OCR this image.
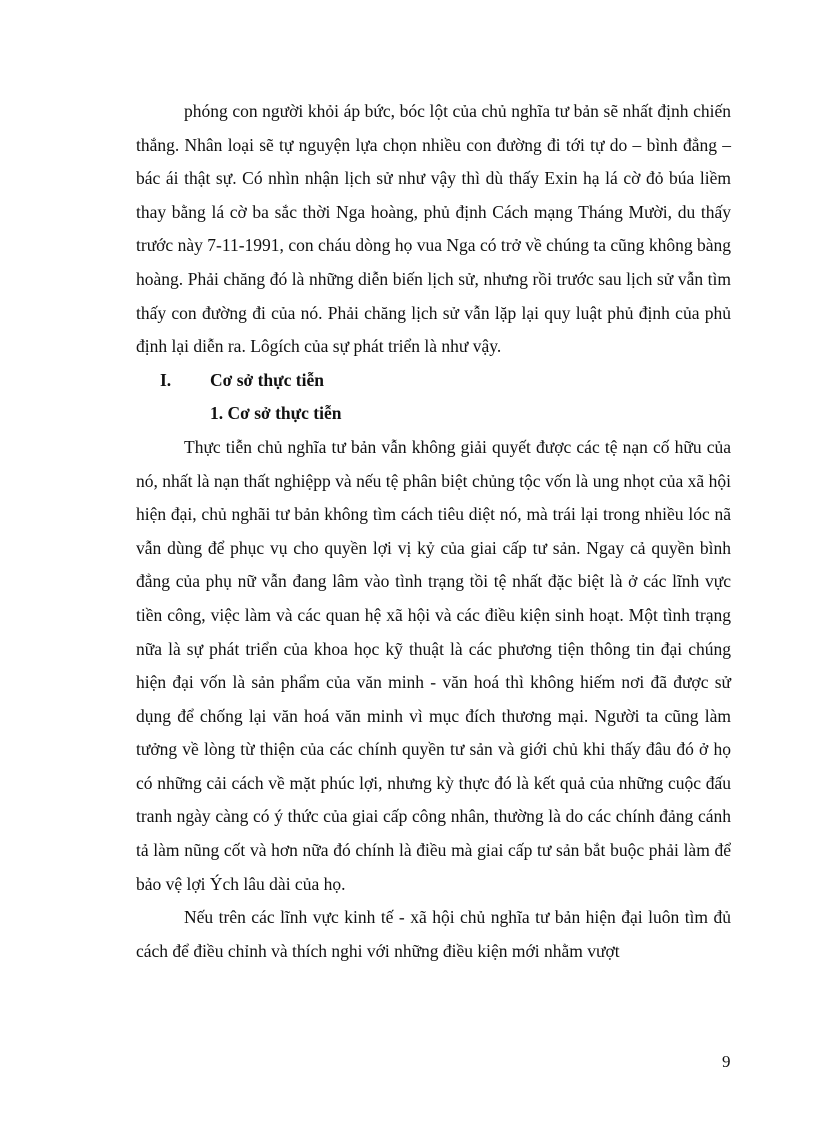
phóng con người khỏi áp bức, bóc lột của chủ nghĩa tư bản sẽ nhất định chiến thắng. Nhân loại sẽ tự nguyện lựa chọn nhiều con đường đi tới tự do – bình đẳng – bác ái thật sự. Có nhìn nhận lịch sử như vậy thì dù thấy Exin hạ lá cờ đỏ búa liềm thay bằng lá cờ ba sắc thời Nga hoàng, phủ định Cách mạng Tháng Mười, du thấy trước này 7-11-1991, con cháu dòng họ vua Nga có trở về chúng ta cũng không bàng hoàng. Phải chăng đó là những diễn biến lịch sử, nhưng rồi trước sau lịch sử vẫn tìm thấy con đường đi của nó. Phải chăng lịch sử vẫn lặp lại quy luật phủ định của phủ định lại diễn ra. Lôgích của sự phát triển là như vậy.

I.	Cơ sở thực tiễn

1. Cơ sở thực tiễn

Thực tiễn chủ nghĩa tư bản vẫn không giải quyết được các tệ nạn cố hữu của nó, nhất là nạn thất nghiệpp và nếu tệ phân biệt chủng tộc vốn là ung nhọt của xã hội hiện đại, chủ nghãi tư bản không tìm cách tiêu diệt nó, mà trái lại trong nhiều lóc nã vẫn dùng để phục vụ cho quyền lợi vị kỷ của giai cấp tư sản. Ngay cả quyền bình đẳng của phụ nữ vẫn đang lâm vào tình trạng tồi tệ nhất đặc biệt là ở các lĩnh vực tiền công, việc làm và các quan hệ xã hội và các điều kiện sinh hoạt. Một tình trạng nữa là sự phát triển của khoa học kỹ thuật là các phương tiện thông tin đại chúng hiện đại vốn là sản phẩm của văn minh - văn hoá thì không hiếm nơi đã được sử dụng để chống lại văn hoá văn minh vì mục đích thương mại. Người ta cũng làm tưởng về lòng từ thiện của các chính quyền tư sản và giới chủ khi thấy đâu đó ở họ có những cải cách về mặt phúc lợi, nhưng kỳ thực đó là kết quả của những cuộc đấu tranh ngày càng có ý thức của giai cấp công nhân, thường là do các chính đảng cánh tả làm nũng cốt và hơn nữa đó chính là điều mà giai cấp tư sản bắt buộc phải làm để bảo vệ lợi Ých lâu dài của họ.

Nếu trên các lĩnh vực kinh tế - xã hội chủ nghĩa tư bản hiện đại luôn tìm đủ cách để điều chỉnh và thích nghi với những điều kiện mới nhằm vượt

9
